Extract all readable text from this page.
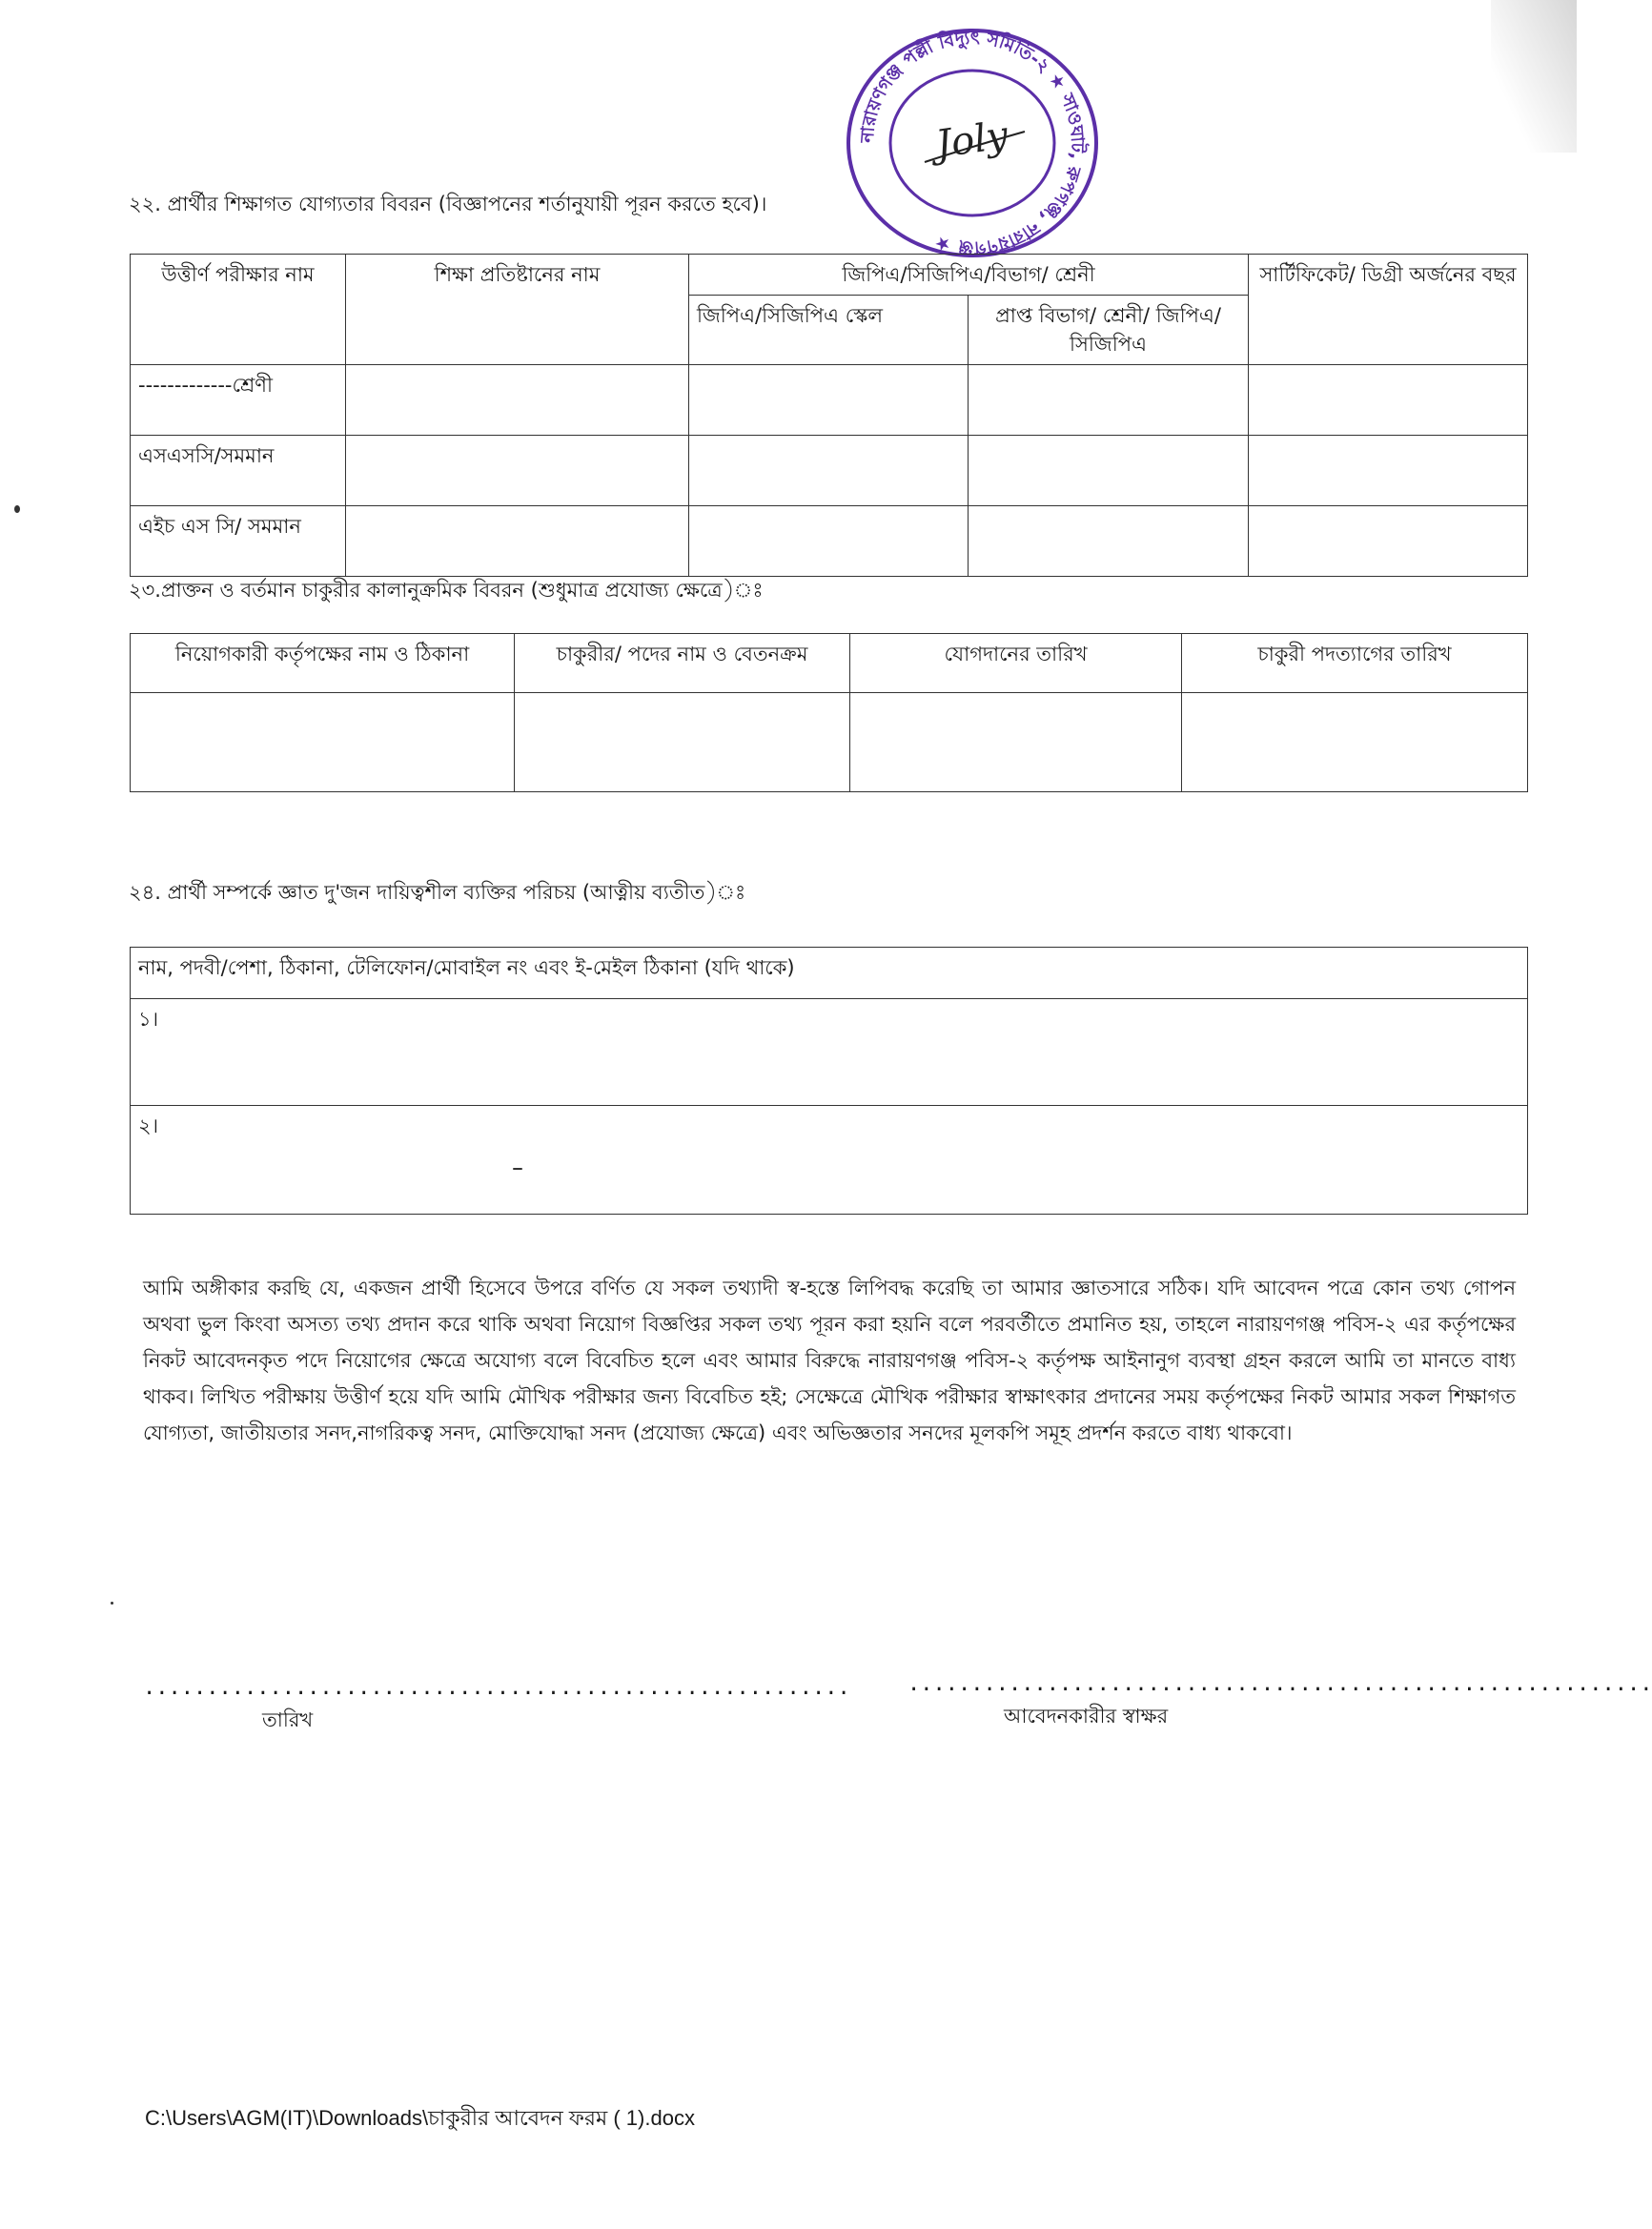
নারায়ণগঞ্জ পল্লী বিদ্যুৎ সমিতি-২ ★ সাওঘাট, রুপগঞ্জ, নারায়ণগঞ্জ ★
Joly
২২. প্রার্থীর শিক্ষাগত যোগ্যতার বিবরন (বিজ্ঞাপনের শর্তানুযায়ী পূরন করতে হবে)।
উত্তীর্ণ পরীক্ষার নাম	শিক্ষা প্রতিষ্টানের নাম	জিপিএ/সিজিপিএ/বিভাগ/ শ্রেনী		সার্টিফিকেট/ ডিগ্রী অর্জনের বছর
		জিপিএ/সিজিপিএ স্কেল	প্রাপ্ত বিভাগ/ শ্রেনী/ জিপিএ/সিজিপিএ	
-------------শ্রেণী				
এসএসসি/সমমান				
এইচ এস সি/ সমমান				
২৩.প্রাক্তন ও বর্তমান চাকুরীর কালানুক্রমিক বিবরন (শুধুমাত্র প্রযোজ্য ক্ষেত্রে)ঃ
নিয়োগকারী কর্তৃপক্ষের নাম ও ঠিকানা	চাকুরীর/ পদের নাম ও বেতনক্রম	যোগদানের তারিখ	চাকুরী পদত্যাগের তারিখ

২৪. প্রার্থী সম্পর্কে জ্ঞাত দু'জন দায়িত্বশীল ব্যক্তির পরিচয় (আত্নীয় ব্যতীত)ঃ
নাম, পদবী/পেশা, ঠিকানা, টেলিফোন/মোবাইল নং এবং ই-মেইল ঠিকানা (যদি থাকে)
১।
২।
আমি অঙ্গীকার করছি যে, একজন প্রার্থী হিসেবে উপরে বর্ণিত যে সকল তথ্যাদী স্ব-হস্তে লিপিবদ্ধ করেছি তা আমার জ্ঞাতসারে সঠিক। যদি আবেদন পত্রে কোন তথ্য গোপন অথবা ভুল কিংবা অসত্য তথ্য প্রদান করে থাকি অথবা নিয়োগ বিজ্ঞপ্তির সকল তথ্য পূরন করা হয়নি বলে পরবর্তীতে প্রমানিত হয়, তাহলে নারায়ণগঞ্জ পবিস-২ এর কর্তৃপক্ষের নিকট আবেদনকৃত পদে নিয়োগের ক্ষেত্রে অযোগ্য বলে বিবেচিত হলে এবং আমার বিরুদ্ধে নারায়ণগঞ্জ পবিস-২ কর্তৃপক্ষ আইনানুগ ব্যবস্থা গ্রহন করলে আমি তা মানতে বাধ্য থাকব। লিখিত পরীক্ষায় উত্তীর্ণ হয়ে যদি আমি মৌখিক পরীক্ষার জন্য বিবেচিত হই; সেক্ষেত্রে মৌখিক পরীক্ষার স্বাক্ষাৎকার প্রদানের সময় কর্তৃপক্ষের নিকট আমার সকল শিক্ষাগত যোগ্যতা, জাতীয়তার সনদ,নাগরিকত্ব সনদ, মোক্তিযোদ্ধা সনদ (প্রযোজ্য ক্ষেত্রে) এবং অভিজ্ঞতার সনদের মূলকপি সমূহ প্রদর্শন করতে বাধ্য থাকবো।
........................................................
তারিখ
...........................................................
আবেদনকারীর স্বাক্ষর
C:\Users\AGM(IT)\Downloads\চাকুরীর আবেদন ফরম ( 1).docx
